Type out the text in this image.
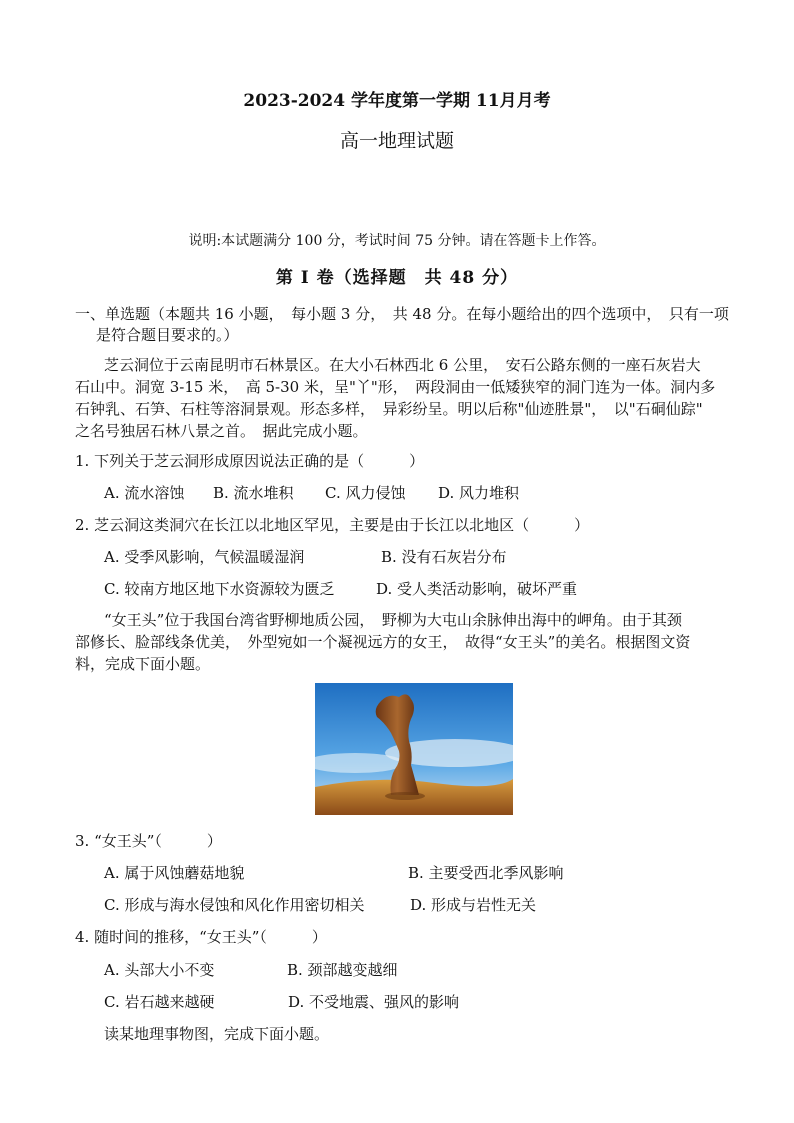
2023-2024 学年度第一学期 11月月考
高一地理试题
说明:本试题满分 100 分，考试时间 75 分钟。请在答题卡上作答。
第 I 卷（选择题　共 48 分）
一、单选题（本题共 16 小题，　每小题 3 分，　共 48 分。在每小题给出的四个选项中，　只有一项
是符合题目要求的。）
芝云洞位于云南昆明市石林景区。在大小石林西北 6 公里，　安石公路东侧的一座石灰岩大
石山中。洞宽 3-15 米，　高 5-30 米，呈"丫"形，　两段洞由一低矮狭窄的洞门连为一体。洞内多
石钟乳、石笋、石柱等溶洞景观。形态多样，　异彩纷呈。明以后称"仙迹胜景"，　以"石硐仙踪"
之名号独居石林八景之首。　据此完成小题。
1. 下列关于芝云洞形成原因说法正确的是（　　　）
A. 流水溶蚀 B. 流水堆积 C. 风力侵蚀 D. 风力堆积
2. 芝云洞这类洞穴在长江以北地区罕见，主要是由于长江以北地区（　　　）
A. 受季风影响，气候温暖湿润	B. 没有石灰岩分布
C. 较南方地区地下水资源较为匮乏	D. 受人类活动影响，破坏严重
“女王头”位于我国台湾省野柳地质公园，　野柳为大屯山余脉伸出海中的岬角。由于其颈
部修长、脸部线条优美，　外型宛如一个凝视远方的女王，　故得“女王头”的美名。根据图文资
料，完成下面小题。
3. “女王头”（　　　）
A. 属于风蚀蘑菇地貌	B. 主要受西北季风影响
C. 形成与海水侵蚀和风化作用密切相关	D. 形成与岩性无关
4. 随时间的推移，“女王头”（　　　）
A. 头部大小不变	B. 颈部越变越细
C. 岩石越来越硬	D. 不受地震、强风的影响
读某地理事物图，完成下面小题。
